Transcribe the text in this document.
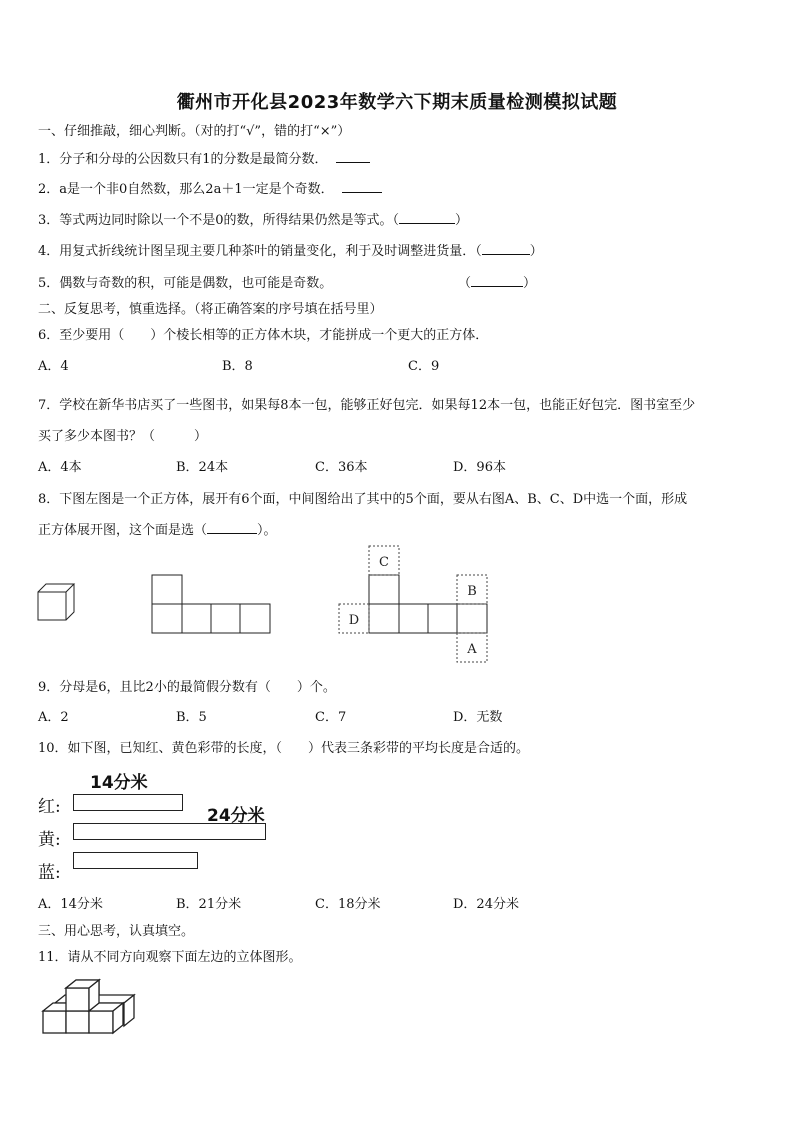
衢州市开化县2023年数学六下期末质量检测模拟试题
一、仔细推敲，细心判断。（对的打“√”，错的打“×”）
1．分子和分母的公因数只有1的分数是最简分数．
2．a是一个非0自然数，那么2a＋1一定是个奇数．
3．等式两边同时除以一个不是0的数，所得结果仍然是等式。（	）
4．用复式折线统计图呈现主要几种茶叶的销量变化，利于及时调整进货量．（	）
5．偶数与奇数的积，可能是偶数，也可能是奇数。	（	）
二、反复思考，慎重选择。（将正确答案的序号填在括号里）
6．至少要用（　　）个棱长相等的正方体木块，才能拼成一个更大的正方体．
A．4	B．8	C．9
7．学校在新华书店买了一些图书，如果每8本一包，能够正好包完．如果每12本一包，也能正好包完．图书室至少
买了多少本图书？（　　　）
A．4本	B．24本	C．36本	D．96本
8．下图左图是一个正方体，展开有6个面，中间图给出了其中的5个面，要从右图A、B、C、D中选一个面，形成
正方体展开图，这个面是选（	）。
C
B
D
A
9．分母是6，且比2小的最简假分数有（　　）个。
A．2	B．5	C．7	D．无数
10．如下图，已知红、黄色彩带的长度，（　　）代表三条彩带的平均长度是合适的。
14分米
24分米
红:
黄:
蓝:
A．14分米	B．21分米	C．18分米	D．24分米
三、用心思考，认真填空。
11．请从不同方向观察下面左边的立体图形。
